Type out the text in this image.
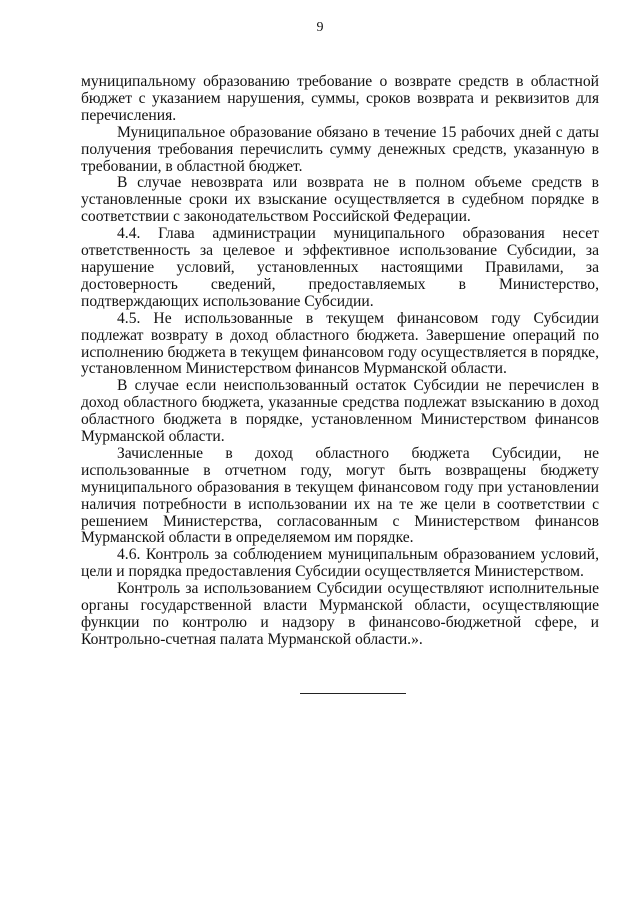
9

муниципальному образованию требование о возврате средств в областной бюджет с указанием нарушения, суммы, сроков возврата и реквизитов для перечисления.

Муниципальное образование обязано в течение 15 рабочих дней с даты получения требования перечислить сумму денежных средств, указанную в требовании, в областной бюджет.

В случае невозврата или возврата не в полном объеме средств в установленные сроки их взыскание осуществляется в судебном порядке в соответствии с законодательством Российской Федерации.

4.4. Глава администрации муниципального образования несет ответственность за целевое и эффективное использование Субсидии, за нарушение условий, установленных настоящими Правилами, за достоверность сведений, предоставляемых в Министерство, подтверждающих использование Субсидии.

4.5. Не использованные в текущем финансовом году Субсидии подлежат возврату в доход областного бюджета. Завершение операций по исполнению бюджета в текущем финансовом году осуществляется в порядке, установленном Министерством финансов Мурманской области.

В случае если неиспользованный остаток Субсидии не перечислен в доход областного бюджета, указанные средства подлежат взысканию в доход областного бюджета в порядке, установленном Министерством финансов Мурманской области.

Зачисленные в доход областного бюджета Субсидии, не использованные в отчетном году, могут быть возвращены бюджету муниципального образования в текущем финансовом году при установлении наличия потребности в использовании их на те же цели в соответствии с решением Министерства, согласованным с Министерством финансов Мурманской области в определяемом им порядке.

4.6. Контроль за соблюдением муниципальным образованием условий, цели и порядка предоставления Субсидии осуществляется Министерством.

Контроль за использованием Субсидии осуществляют исполнительные органы государственной власти Мурманской области, осуществляющие функции по контролю и надзору в финансово-бюджетной сфере, и Контрольно-счетная палата Мурманской области.».
